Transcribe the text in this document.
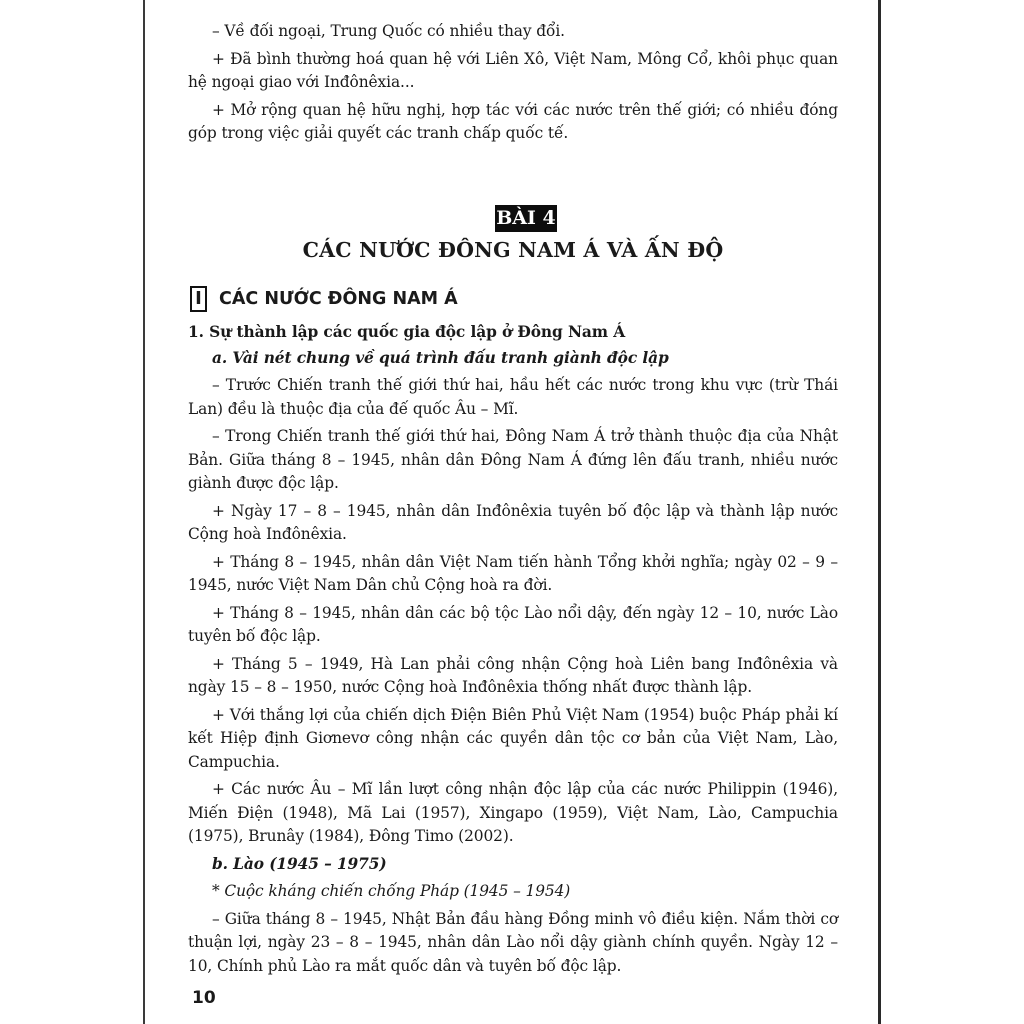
– Về đối ngoại, Trung Quốc có nhiều thay đổi.

+ Đã bình thường hoá quan hệ với Liên Xô, Việt Nam, Mông Cổ, khôi phục quan hệ ngoại giao với Inđônêxia...

+ Mở rộng quan hệ hữu nghị, hợp tác với các nước trên thế giới; có nhiều đóng góp trong việc giải quyết các tranh chấp quốc tế.

BÀI 4
CÁC NƯỚC ĐÔNG NAM Á VÀ ẤN ĐỘ
I CÁC NƯỚC ĐÔNG NAM Á

1. Sự thành lập các quốc gia độc lập ở Đông Nam Á

a. Vài nét chung về quá trình đấu tranh giành độc lập

– Trước Chiến tranh thế giới thứ hai, hầu hết các nước trong khu vực (trừ Thái Lan) đều là thuộc địa của đế quốc Âu – Mĩ.

– Trong Chiến tranh thế giới thứ hai, Đông Nam Á trở thành thuộc địa của Nhật Bản. Giữa tháng 8 – 1945, nhân dân Đông Nam Á đứng lên đấu tranh, nhiều nước giành được độc lập.

+ Ngày 17 – 8 – 1945, nhân dân Inđônêxia tuyên bố độc lập và thành lập nước Cộng hoà Inđônêxia.

+ Tháng 8 – 1945, nhân dân Việt Nam tiến hành Tổng khởi nghĩa; ngày 02 – 9 – 1945, nước Việt Nam Dân chủ Cộng hoà ra đời.

+ Tháng 8 – 1945, nhân dân các bộ tộc Lào nổi dậy, đến ngày 12 – 10, nước Lào tuyên bố độc lập.

+ Tháng 5 – 1949, Hà Lan phải công nhận Cộng hoà Liên bang Inđônêxia và ngày 15 – 8 – 1950, nước Cộng hoà Inđônêxia thống nhất được thành lập.

+ Với thắng lợi của chiến dịch Điện Biên Phủ Việt Nam (1954) buộc Pháp phải kí kết Hiệp định Giơnevơ công nhận các quyền dân tộc cơ bản của Việt Nam, Lào, Campuchia.

+ Các nước Âu – Mĩ lần lượt công nhận độc lập của các nước Philippin (1946), Miến Điện (1948), Mã Lai (1957), Xingapo (1959), Việt Nam, Lào, Campuchia (1975), Brunây (1984), Đông Timo (2002).

b. Lào (1945 – 1975)

* Cuộc kháng chiến chống Pháp (1945 – 1954)

– Giữa tháng 8 – 1945, Nhật Bản đầu hàng Đồng minh vô điều kiện. Nắm thời cơ thuận lợi, ngày 23 – 8 – 1945, nhân dân Lào nổi dậy giành chính quyền. Ngày 12 – 10, Chính phủ Lào ra mắt quốc dân và tuyên bố độc lập.

10
